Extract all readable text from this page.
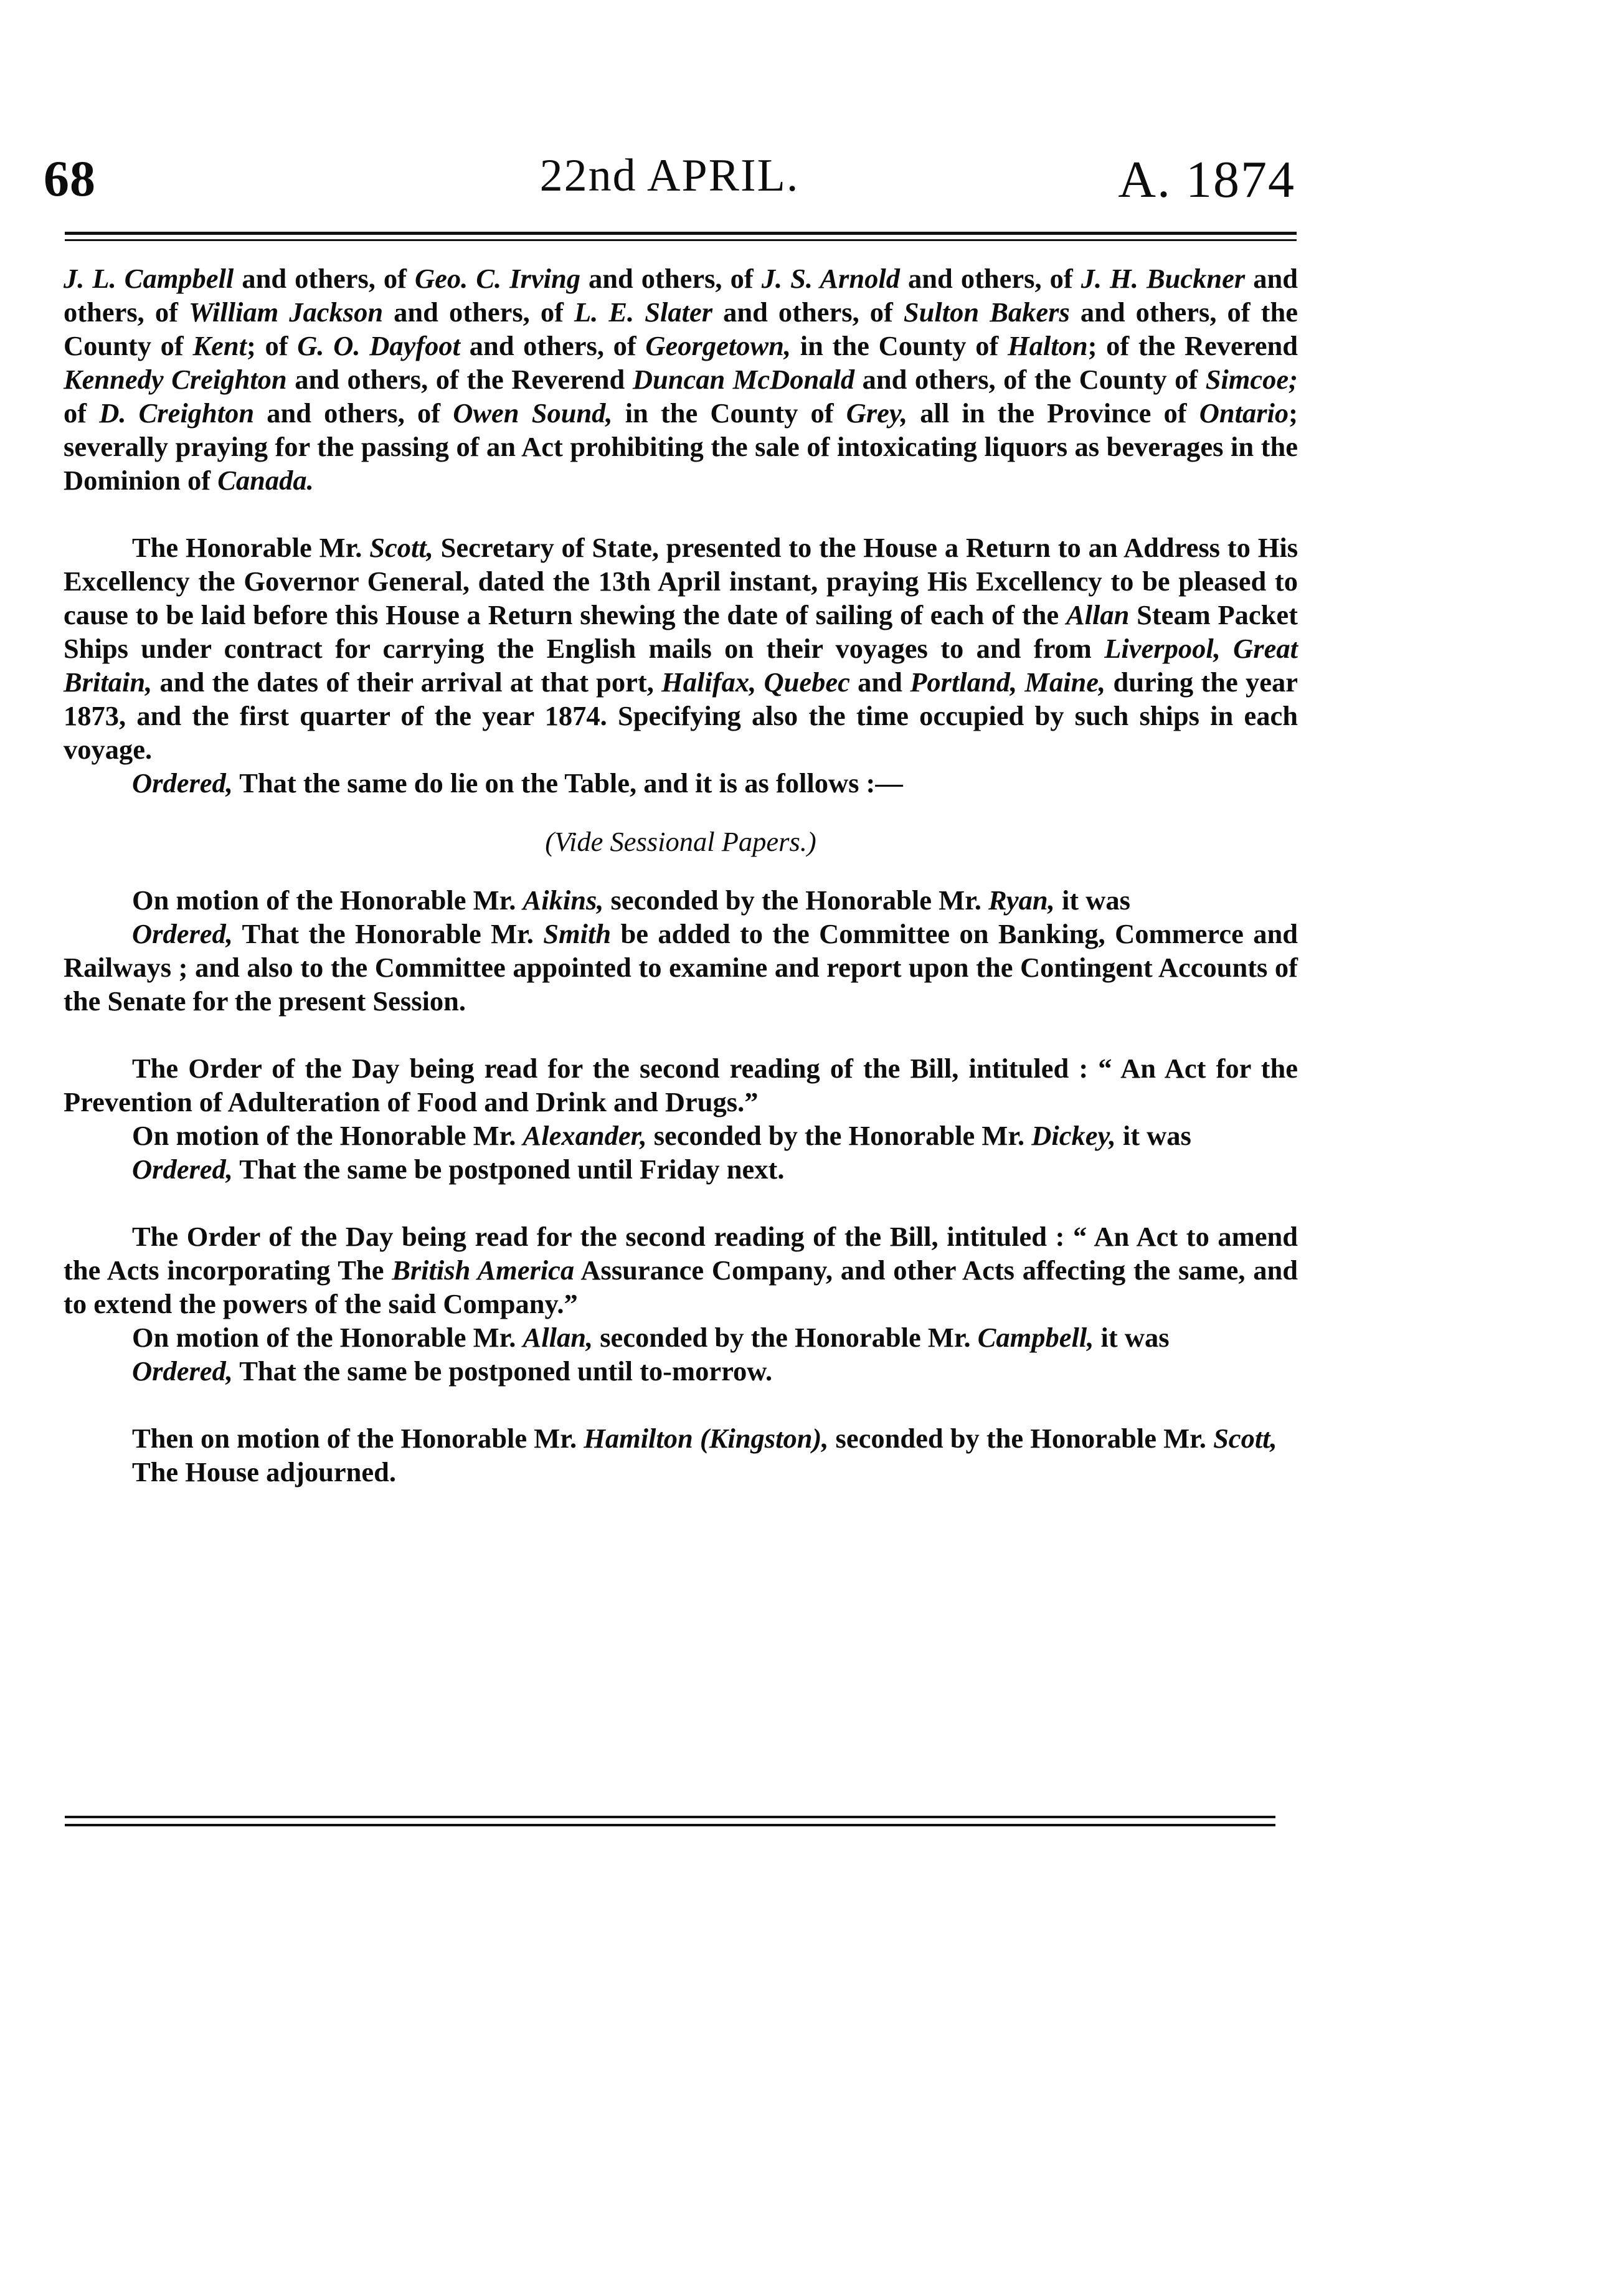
68	22nd APRIL.	A. 1874

J. L. Campbell and others, of Geo. C. Irving and others, of J. S. Arnold and others, of J. H. Buckner and others, of William Jackson and others, of L. E. Slater and others, of Sulton Bakers and others, of the County of Kent; of G. O. Dayfoot and others, of Georgetown, in the County of Halton; of the Reverend Kennedy Creighton and others, of the Reverend Duncan McDonald and others, of the County of Simcoe; of D. Creighton and others, of Owen Sound, in the County of Grey, all in the Province of Ontario; severally praying for the passing of an Act prohibiting the sale of intoxicating liquors as beverages in the Dominion of Canada.

The Honorable Mr. Scott, Secretary of State, presented to the House a Return to an Address to His Excellency the Governor General, dated the 13th April instant, praying His Excellency to be pleased to cause to be laid before this House a Return shewing the date of sailing of each of the Allan Steam Packet Ships under contract for carrying the English mails on their voyages to and from Liverpool, Great Britain, and the dates of their arrival at that port, Halifax, Quebec and Portland, Maine, during the year 1873, and the first quarter of the year 1874. Specifying also the time occupied by such ships in each voyage.

Ordered, That the same do lie on the Table, and it is as follows :—

(Vide Sessional Papers.)

On motion of the Honorable Mr. Aikins, seconded by the Honorable Mr. Ryan, it was

Ordered, That the Honorable Mr. Smith be added to the Committee on Banking, Commerce and Railways ; and also to the Committee appointed to examine and report upon the Contingent Accounts of the Senate for the present Session.

The Order of the Day being read for the second reading of the Bill, intituled : “ An Act for the Prevention of Adulteration of Food and Drink and Drugs.”

On motion of the Honorable Mr. Alexander, seconded by the Honorable Mr. Dickey, it was

Ordered, That the same be postponed until Friday next.

The Order of the Day being read for the second reading of the Bill, intituled : “ An Act to amend the Acts incorporating The British America Assurance Company, and other Acts affecting the same, and to extend the powers of the said Company.”

On motion of the Honorable Mr. Allan, seconded by the Honorable Mr. Campbell, it was

Ordered, That the same be postponed until to-morrow.

Then on motion of the Honorable Mr. Hamilton (Kingston), seconded by the Honorable Mr. Scott,

The House adjourned.
